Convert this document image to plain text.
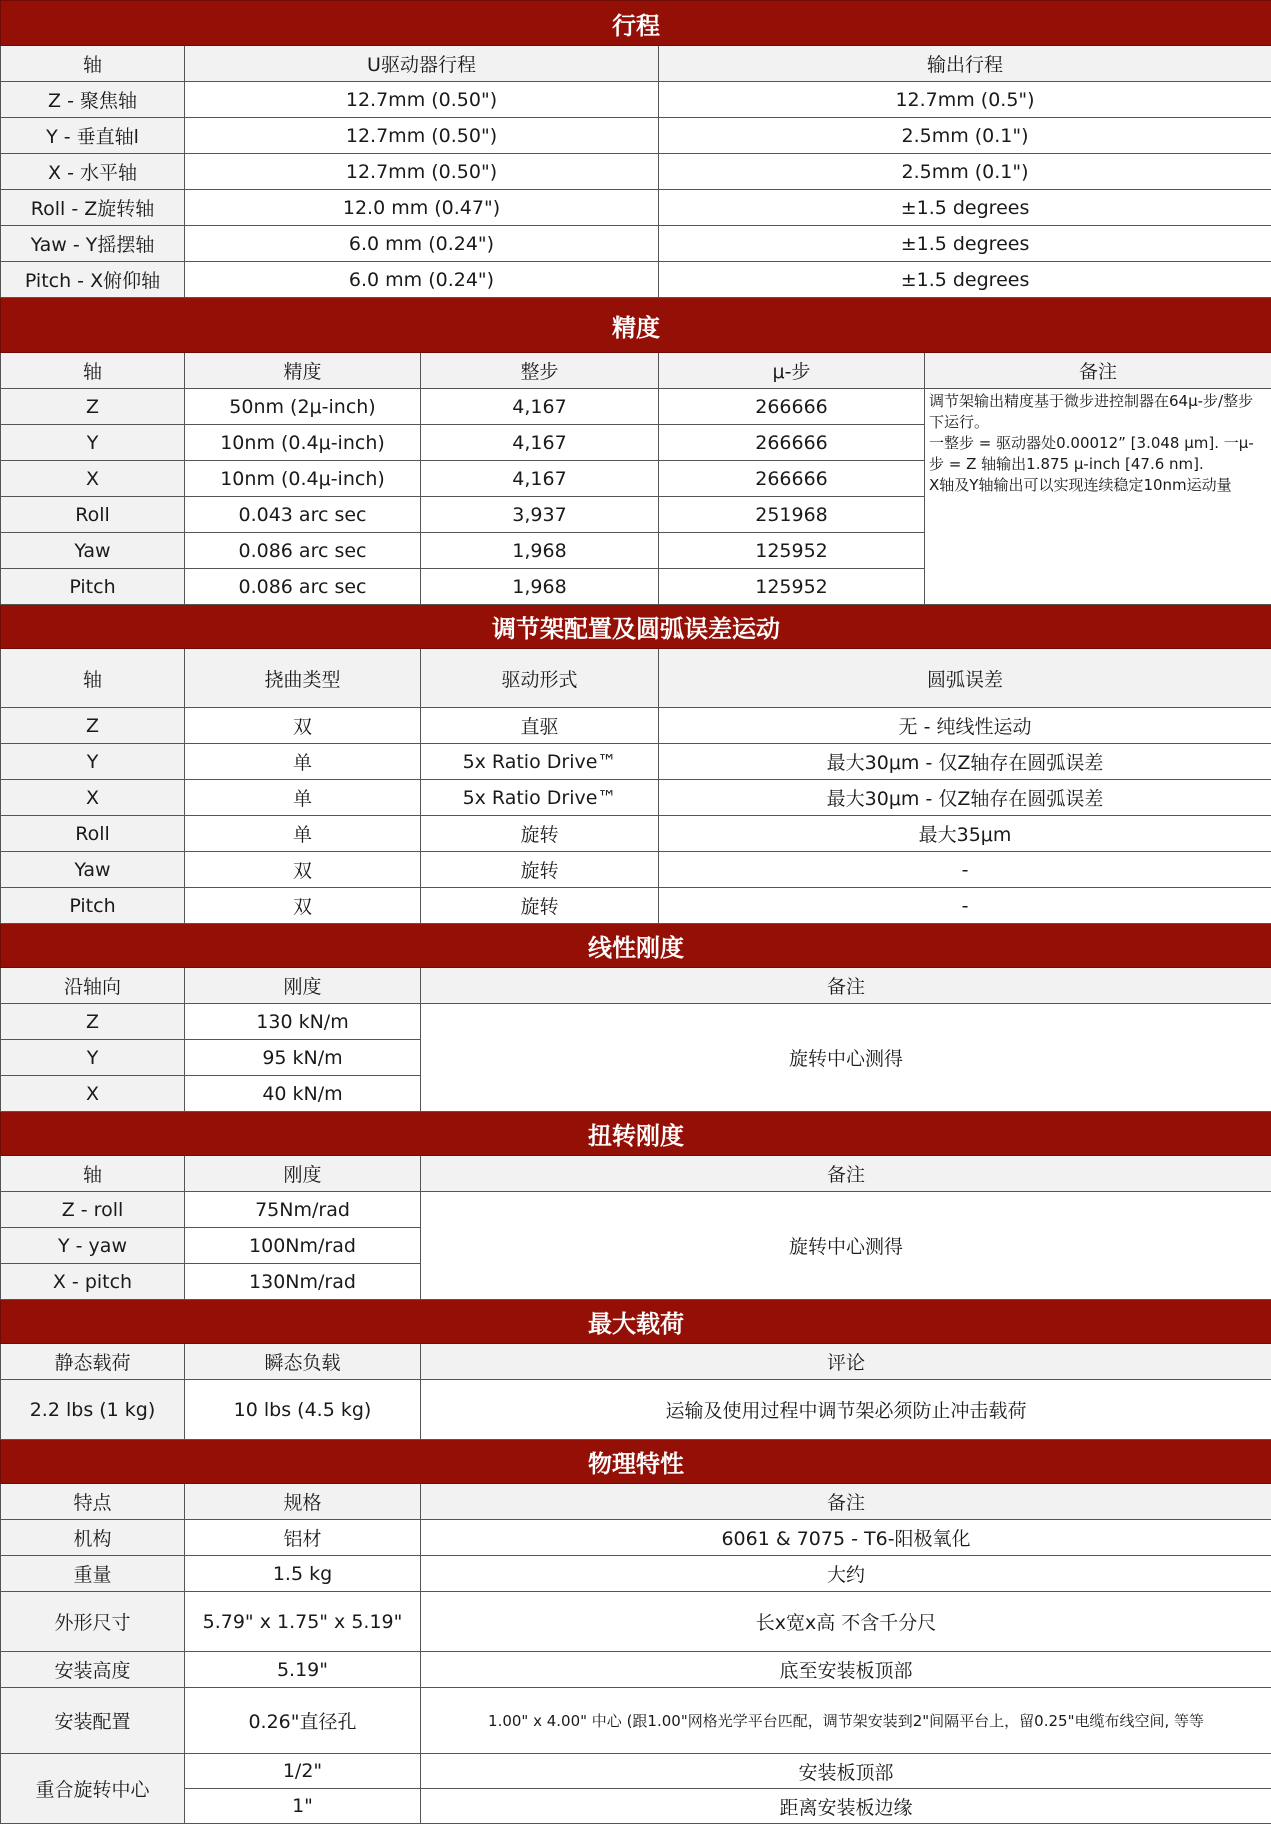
行程				
轴	U驱动器行程		输出行程	
Z - 聚焦轴	12.7mm (0.50")		12.7mm (0.5")	
Y - 垂直轴l	12.7mm (0.50")		2.5mm (0.1")	
X - 水平轴	12.7mm (0.50")		2.5mm (0.1")	
Roll - Z旋转轴	12.0 mm (0.47")		±1.5 degrees	
Yaw - Y摇摆轴	6.0 mm (0.24")		±1.5 degrees	
Pitch - X俯仰轴	6.0 mm (0.24")		±1.5 degrees	
精度				
轴	精度	整步	μ-步	备注
Z	50nm (2μ-inch)	4,167	266666	调节架输出精度基于微步进控制器在64μ-步/整步下运行。
一整步 = 驱动器处0.00012” [3.048 μm]. 一μ-步 = Z 轴输出1.875 μ-inch [47.6 nm].
X轴及Y轴输出可以实现连续稳定10nm运动量
Y	10nm (0.4μ-inch)	4,167	266666	
X	10nm (0.4μ-inch)	4,167	266666	
Roll	0.043 arc sec	3,937	251968	
Yaw	0.086 arc sec	1,968	125952	
Pitch	0.086 arc sec	1,968	125952	
调节架配置及圆弧误差运动				
轴	挠曲类型	驱动形式	圆弧误差	
Z	双	直驱	无 - 纯线性运动	
Y	单	5x Ratio Drive™	最大30μm - 仅Z轴存在圆弧误差	
X	单	5x Ratio Drive™	最大30μm - 仅Z轴存在圆弧误差	
Roll	单	旋转	最大35μm	
Yaw	双	旋转	-	
Pitch	双	旋转	-	
线性刚度				
沿轴向	刚度	备注		
Z	130 kN/m	旋转中心测得		
Y	95 kN/m			
X	40 kN/m			
扭转刚度				
轴	刚度	备注		
Z - roll	75Nm/rad	旋转中心测得		
Y - yaw	100Nm/rad			
X - pitch	130Nm/rad			
最大载荷				
静态载荷	瞬态负载	评论		
2.2 lbs (1 kg)	10 lbs (4.5 kg)	运输及使用过程中调节架必须防止冲击载荷		
物理特性				
特点	规格	备注		
机构	铝材	6061 & 7075 - T6-阳极氧化		
重量	1.5 kg	大约		
外形尺寸	5.79" x 1.75" x 5.19"	长x宽x高 不含千分尺		
安装高度	5.19"	底至安装板顶部		
安装配置	0.26"直径孔	1.00" x 4.00" 中心 (跟1.00"网格光学平台匹配，调节架安装到2"间隔平台上，留0.25"电缆布线空间, 等等		
重合旋转中心	1/2"	安装板顶部		
	1"	距离安装板边缘		
